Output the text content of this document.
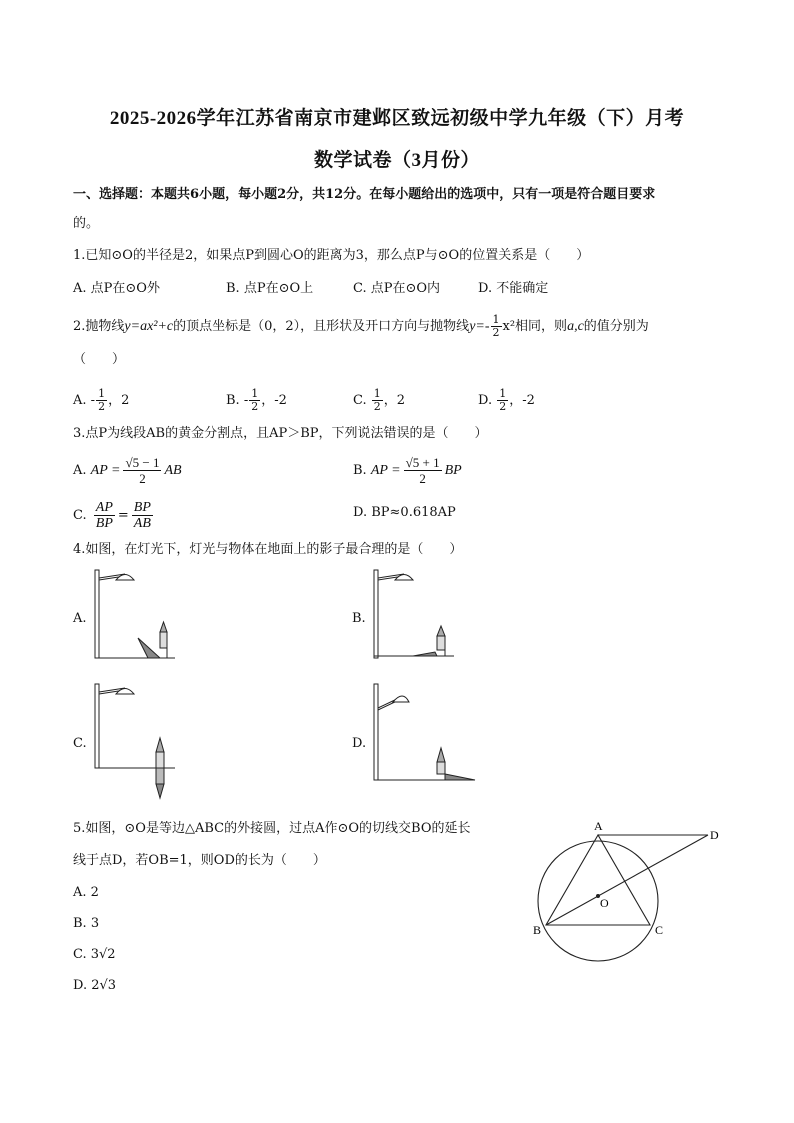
2025-2026学年江苏省南京市建邺区致远初级中学九年级（下）月考
数学试卷（3月份）
一、选择题：本题共6小题，每小题2分，共12分。在每小题给出的选项中，只有一项是符合题目要求
的。
1.已知⊙O的半径是2，如果点P到圆心O的距离为3，那么点P与⊙O的位置关系是（　　）
A. 点P在⊙O外	B. 点P在⊙O上	C. 点P在⊙O内	D. 不能确定
2.抛物线y=ax²+c的顶点坐标是（0，2），且形状及开口方向与抛物线$y=- \frac{1}{2} x^2$相同，则a,c的值分别为
（　　）
A. - $\frac{1}{2}$ ，2	B. - $\frac{1}{2}$ ，-2	C. $\frac{1}{2}$ ，2	D. $\frac{1}{2}$ ，-2
3.点P为线段AB的黄金分割点，且AP＞BP，下列说法错误的是（　　）
A. AP = $\frac{√5 - 1}{2}$ AB	B. AP = $\frac{√5 + 1}{2}$ BP
C. $\frac{AP}{BP} = \frac{BP}{AB}$	D. BP≈0.618AP
4.如图，在灯光下，灯光与物体在地面上的影子最合理的是（　　）
A.	B.
C.	D.
5.如图，⊙O是等边△ABC的外接圆，过点A作⊙O的切线交BO的延长
线于点D，若OB=1，则OD的长为（　　）
A. 2
B. 3
C. 3√2
D. 2√3
A
B	C
D
O
